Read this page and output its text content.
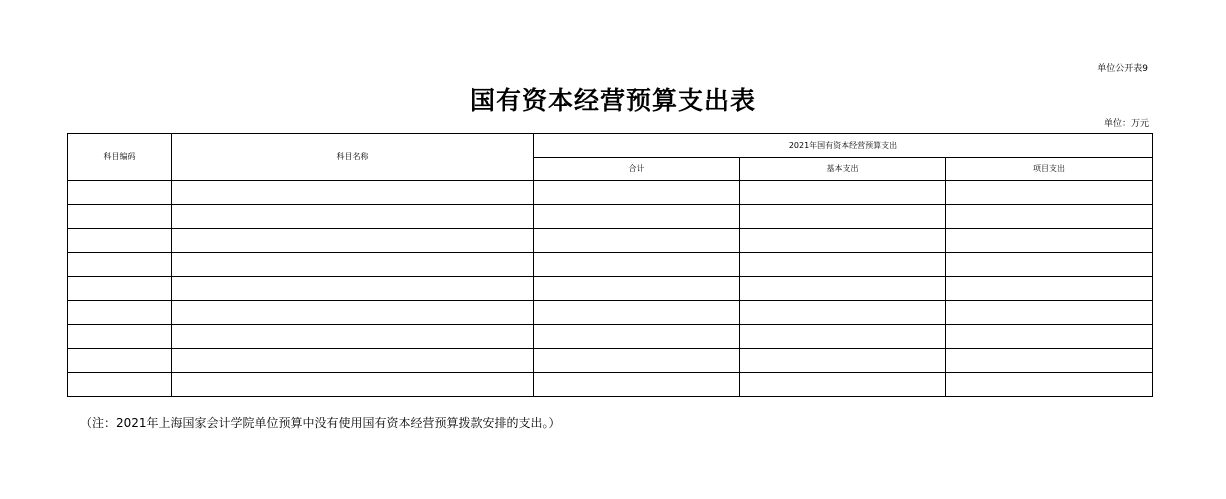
单位公开表9
国有资本经营预算支出表
单位：万元
科目编码	科目名称	2021年国有资本经营预算支出		
		合计	基本支出	项目支出

（注：2021年上海国家会计学院单位预算中没有使用国有资本经营预算拨款安排的支出。）
